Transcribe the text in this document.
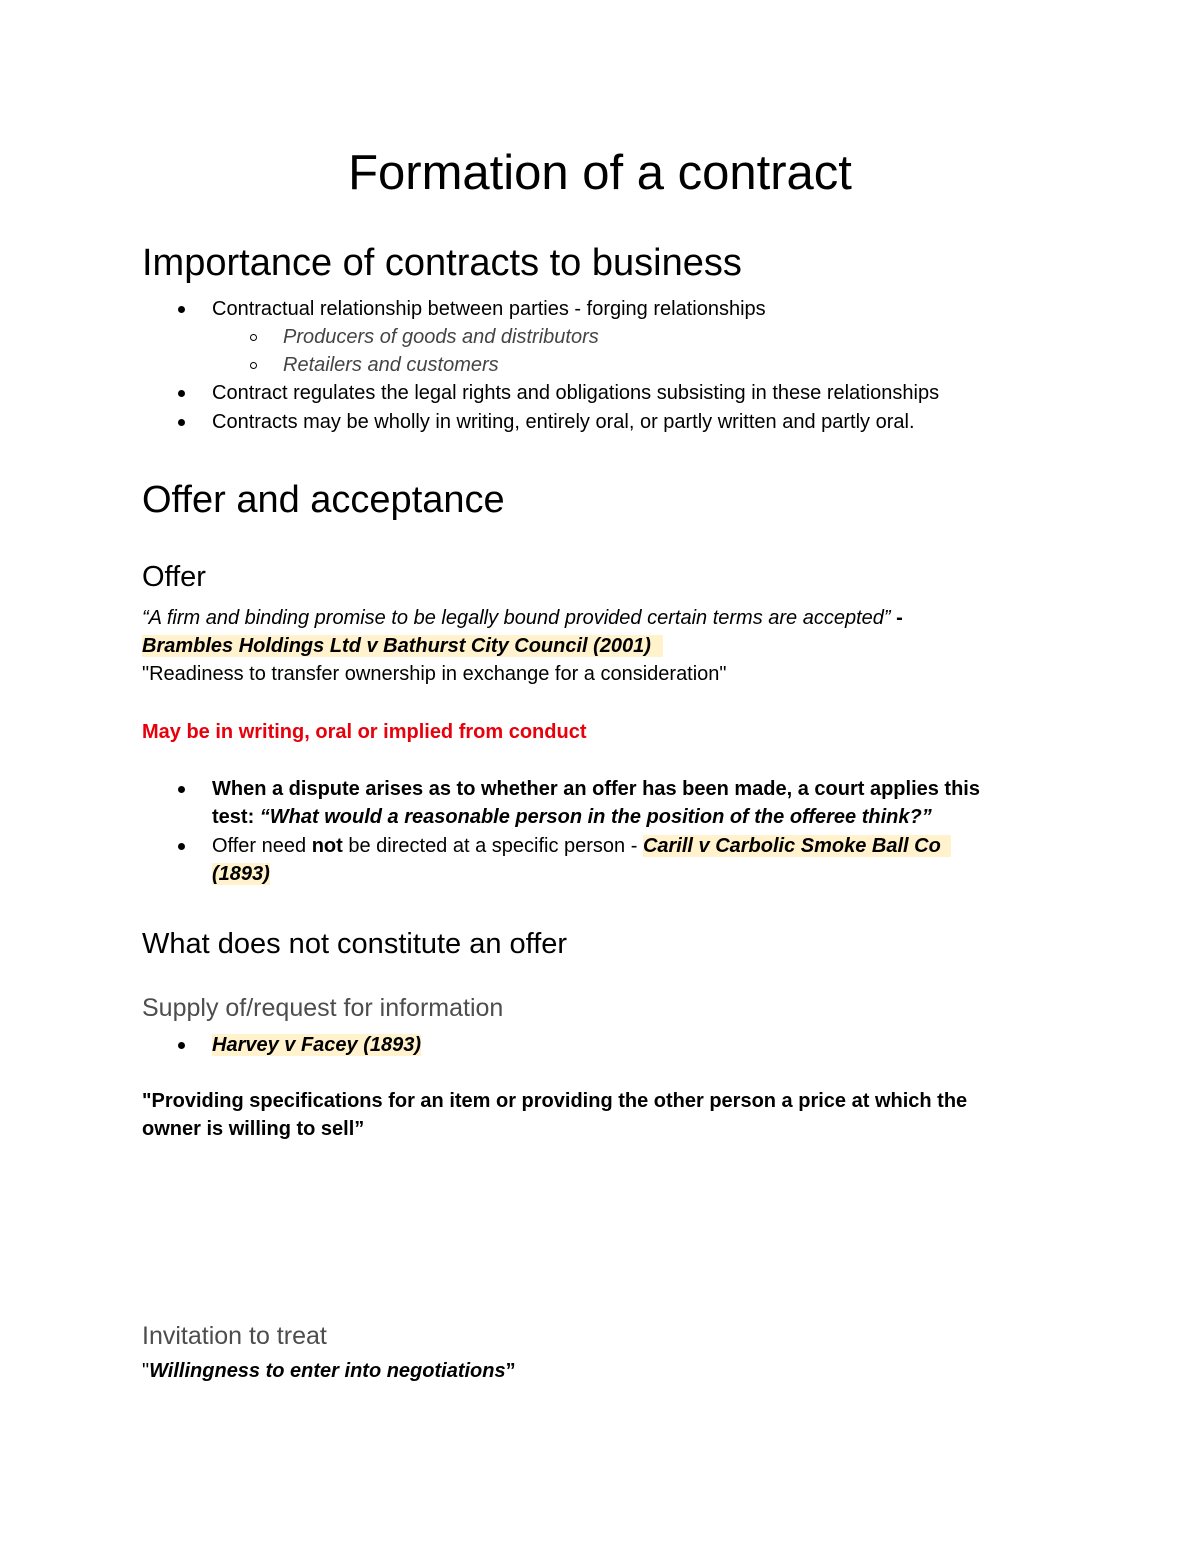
Formation of a contract
Importance of contracts to business
Contractual relationship between parties - forging relationships
Producers of goods and distributors
Retailers and customers
Contract regulates the legal rights and obligations subsisting in these relationships
Contracts may be wholly in writing, entirely oral, or partly written and partly oral.
Offer and acceptance
Offer
“A firm and binding promise to be legally bound provided certain terms are accepted” -
Brambles Holdings Ltd v Bathurst City Council (2001)
"Readiness to transfer ownership in exchange for a consideration"
May be in writing, oral or implied from conduct
When a dispute arises as to whether an offer has been made, a court applies this
test: “What would a reasonable person in the position of the offeree think?”
Offer need not be directed at a specific person - Carill v Carbolic Smoke Ball Co
(1893)
What does not constitute an offer
Supply of/request for information
Harvey v Facey (1893)
"Providing specifications for an item or providing the other person a price at which the
owner is willing to sell”
Invitation to treat
"Willingness to enter into negotiations”
